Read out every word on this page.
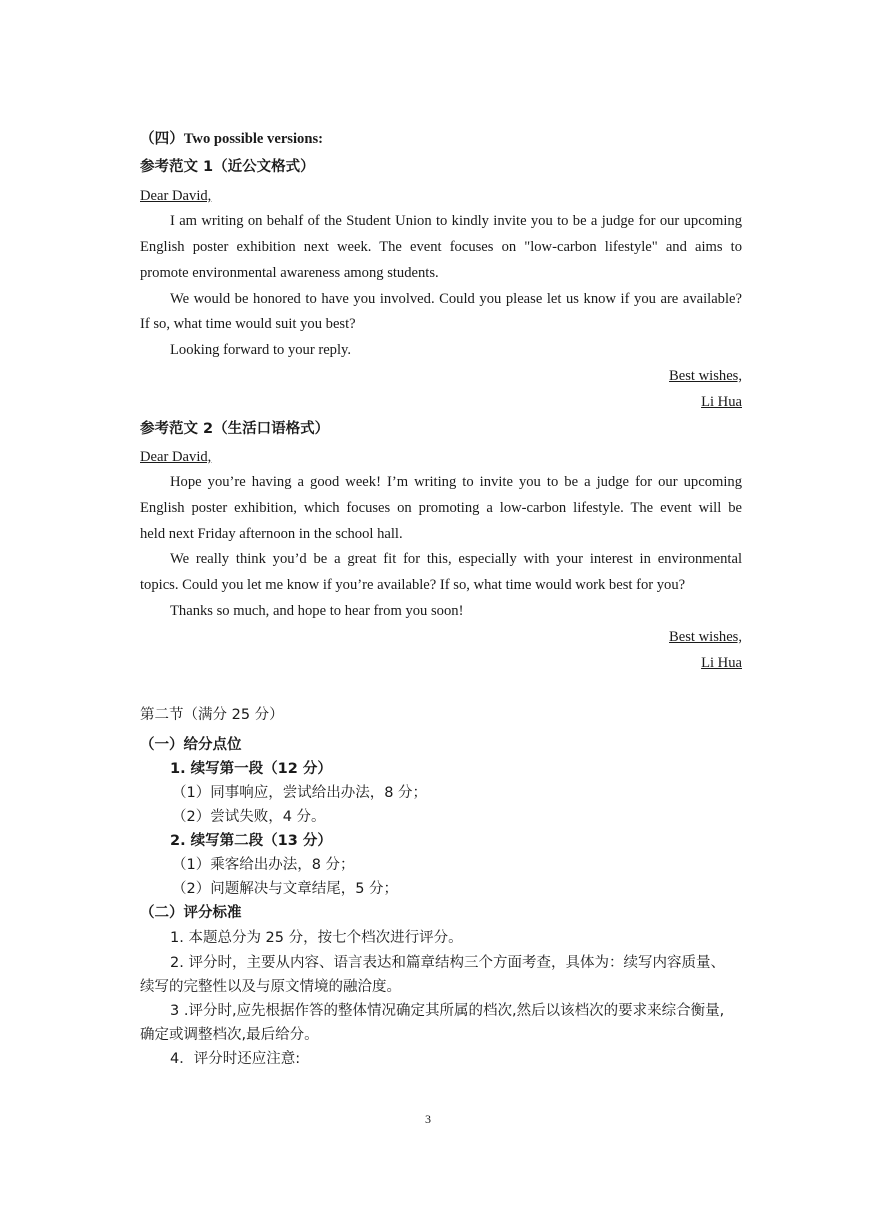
（四）Two possible versions:
参考范文 1（近公文格式）
Dear David,
I am writing on behalf of the Student Union to kindly invite you to be a judge for our upcoming
English poster exhibition next week. The event focuses on "low-carbon lifestyle" and aims to
promote environmental awareness among students.
We would be honored to have you involved. Could you please let us know if you are available?
If so, what time would suit you best?
Looking forward to your reply.
Best wishes,
Li Hua
参考范文 2（生活口语格式）
Dear David,
Hope you’re having a good week! I’m writing to invite you to be a judge for our upcoming
English poster exhibition, which focuses on promoting a low-carbon lifestyle. The event will be
held next Friday afternoon in the school hall.
We really think you’d be a great fit for this, especially with your interest in environmental
topics. Could you let me know if you’re available? If so, what time would work best for you?
Thanks so much, and hope to hear from you soon!
Best wishes,
Li Hua
第二节（满分 25 分）
（一）给分点位
1. 续写第一段（12 分）
（1）同事响应，尝试给出办法，8 分；
（2）尝试失败，4 分。
2. 续写第二段（13 分）
（1）乘客给出办法，8 分；
（2）问题解决与文章结尾，5 分；
（二）评分标准
1. 本题总分为 25 分，按七个档次进行评分。
2. 评分时，主要从内容、语言表达和篇章结构三个方面考查，具体为：续写内容质量、
续写的完整性以及与原文情境的融洽度。
3 .评分时,应先根据作答的整体情况确定其所属的档次,然后以该档次的要求来综合衡量,
确定或调整档次,最后给分。
4．评分时还应注意:
3
